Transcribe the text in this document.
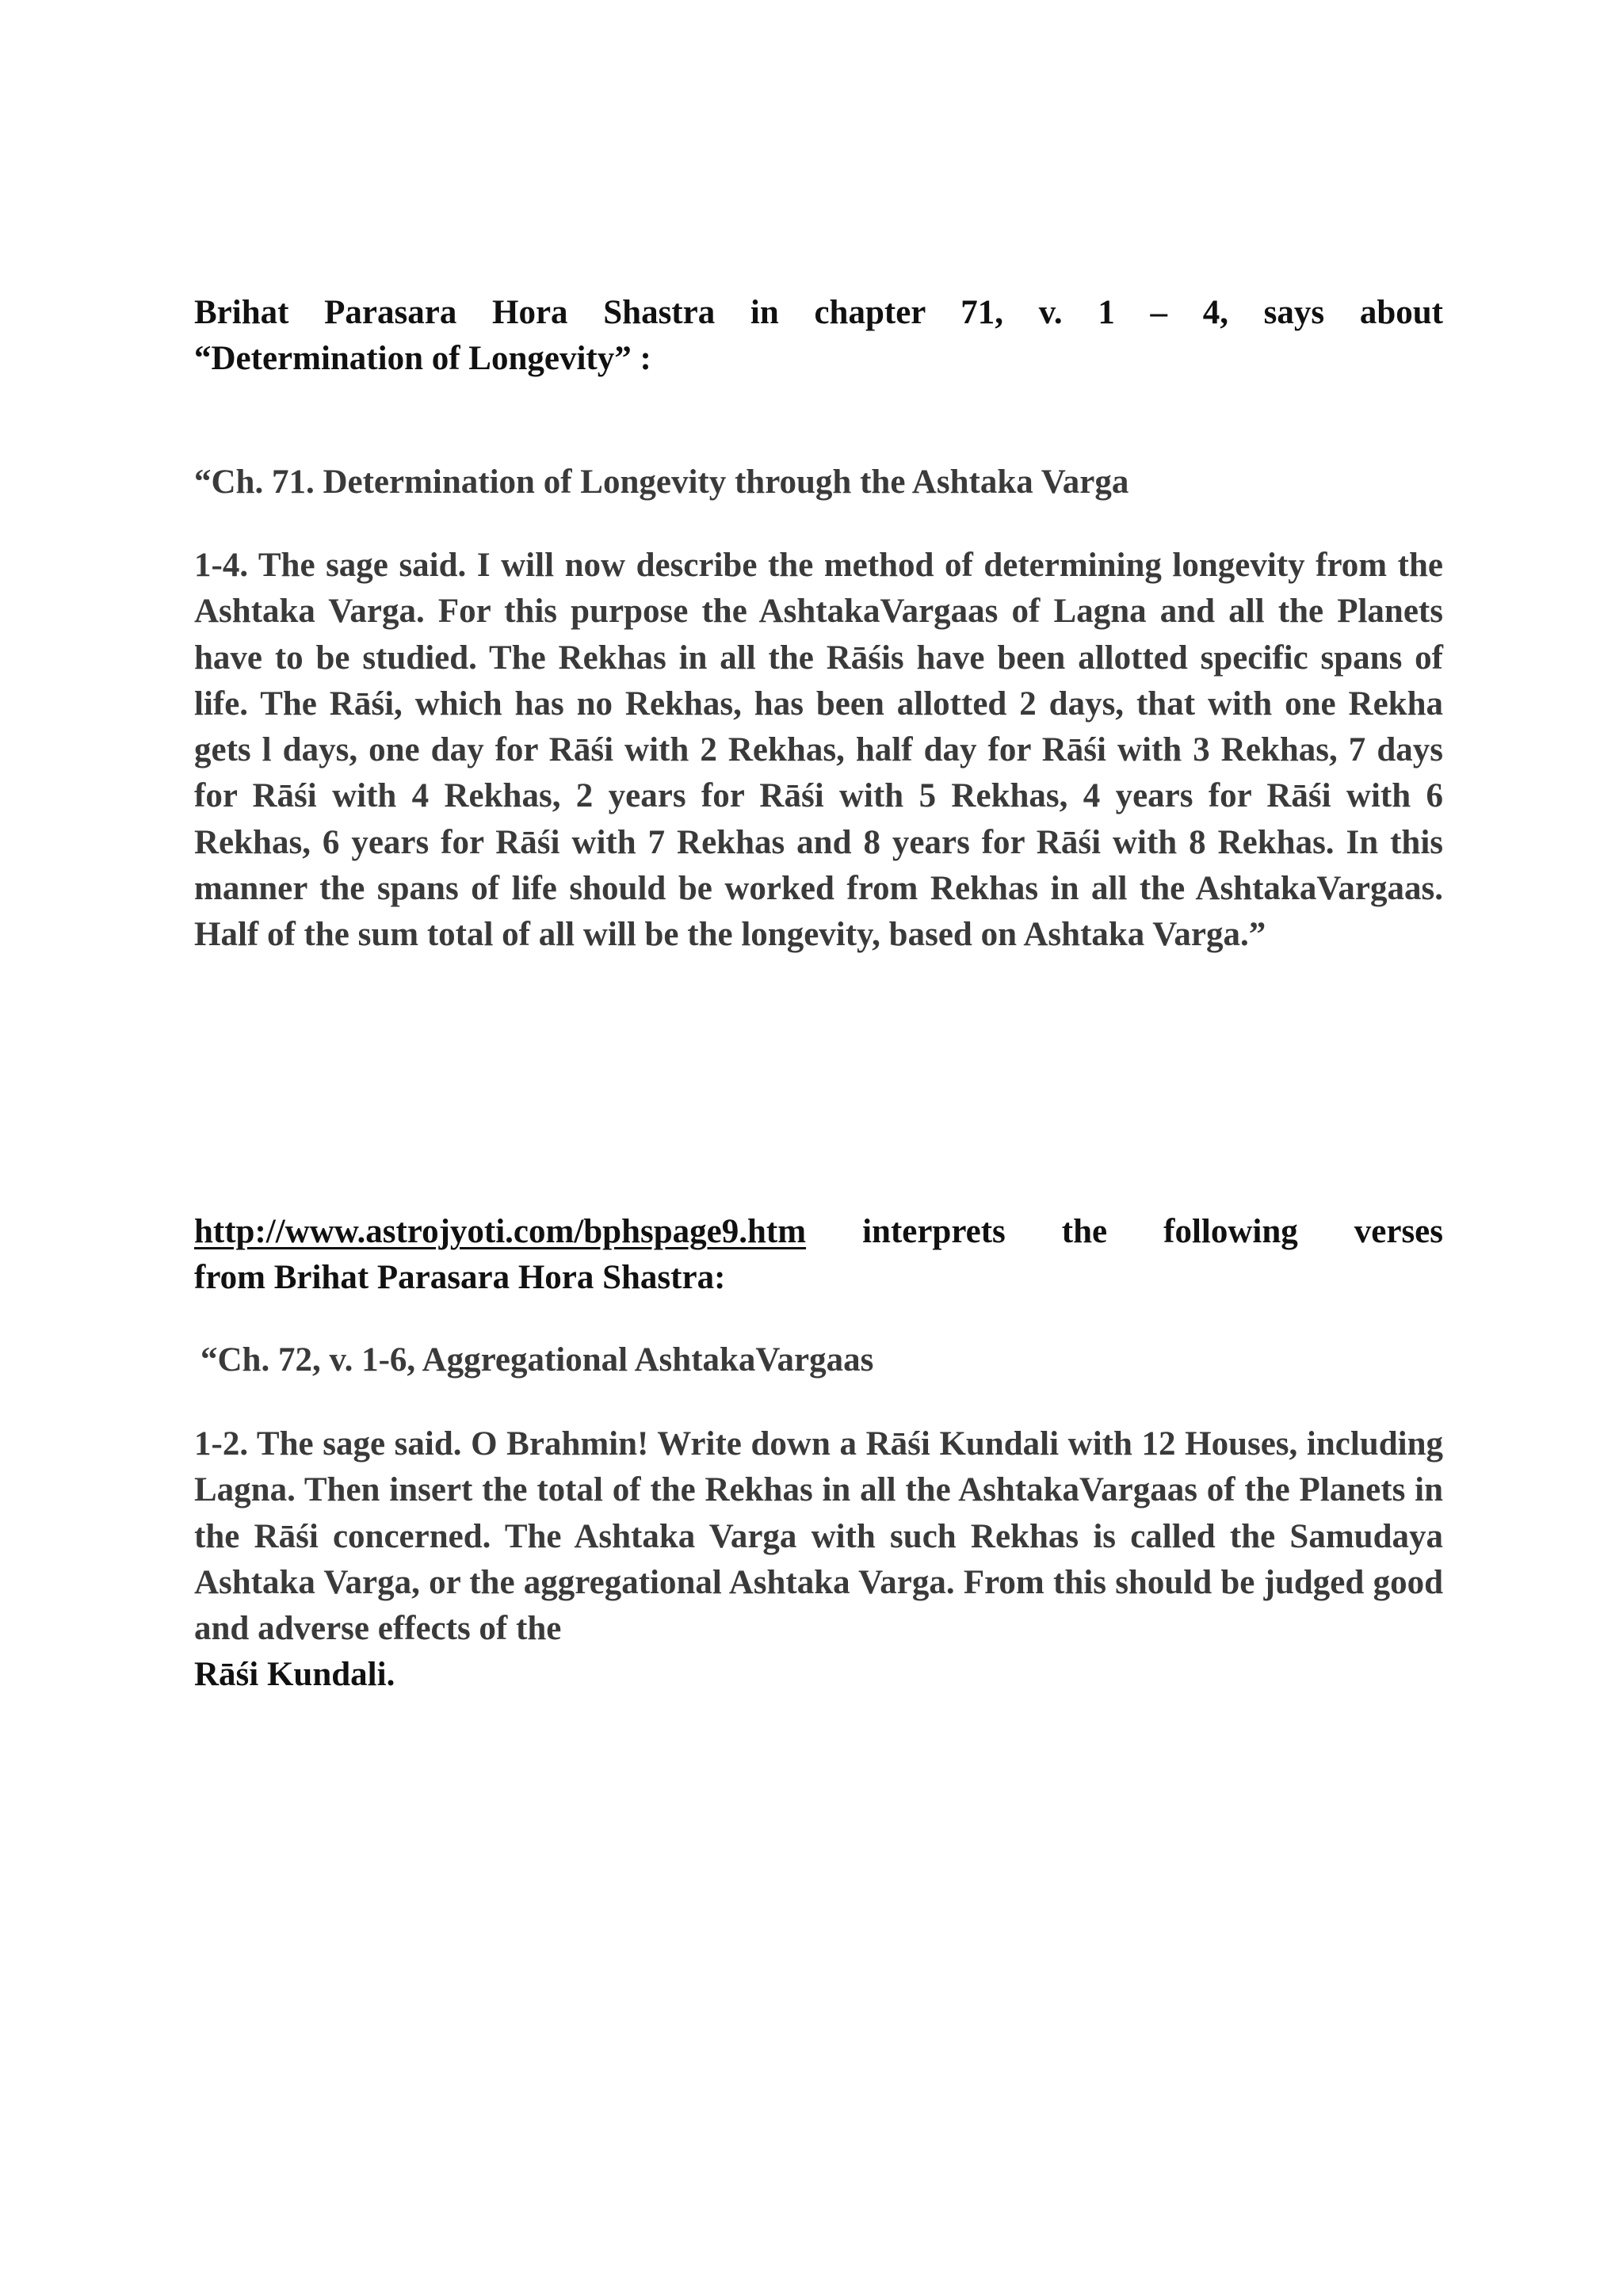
Brihat Parasara Hora Shastra in chapter 71, v. 1 – 4, says about
“Determination of Longevity” :
“Ch. 71. Determination of Longevity through the Ashtaka Varga
1-4. The sage said. I will now describe the method of determining longevity from the Ashtaka Varga. For this purpose the AshtakaVargaas of Lagna and all the Planets have to be studied. The Rekhas in all the Rāśis have been allotted specific spans of life. The Rāśi, which has no Rekhas, has been allotted 2 days, that with one Rekha gets l days, one day for Rāśi with 2 Rekhas, half day for Rāśi with 3 Rekhas, 7 days for Rāśi with 4 Rekhas, 2 years for Rāśi with 5 Rekhas, 4 years for Rāśi with 6 Rekhas, 6 years for Rāśi with 7 Rekhas and 8 years for Rāśi with 8 Rekhas. In this manner the spans of life should be worked from Rekhas in all the AshtakaVargaas. Half of the sum total of all will be the longevity, based on Ashtaka Varga.”
http://www.astrojyoti.com/bphspage9.htm interprets the following verses
from Brihat Parasara Hora Shastra:
“Ch. 72, v. 1-6, Aggregational AshtakaVargaas
1-2. The sage said. O Brahmin! Write down a Rāśi Kundali with 12 Houses, including Lagna. Then insert the total of the Rekhas in all the AshtakaVargaas of the Planets in the Rāśi concerned. The Ashtaka Varga with such Rekhas is called the Samudaya Ashtaka Varga, or the aggregational Ashtaka Varga. From this should be judged good and adverse effects of the
Rāśi Kundali.
